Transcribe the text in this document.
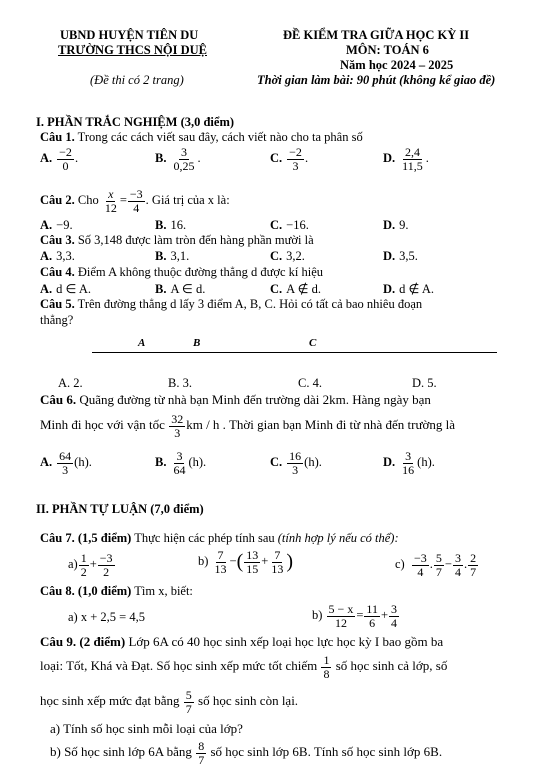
UBND HUYỆN TIÊN DU
TRƯỜNG THCS NỘI DUỆ
(Đề thi có 2 trang)
ĐỀ KIỂM TRA GIỮA HỌC KỲ II
MÔN: TOÁN 6
Năm học 2024 – 2025
Thời gian làm bài: 90 phút (không kể giao đề)
I. PHẦN TRẮC NGHIỆM (3,0 điểm)
Câu 1. Trong các cách viết sau đây, cách viết nào cho ta phân số
A. $\frac{-2}{0}$ .	B. $\frac{3}{0,25}$ .	C. $\frac{-2}{3}$ .	D. $\frac{2,4}{11,5}$ .
Câu 2. Cho $\frac{x}{12} = \frac{-3}{4}$ . Giá trị của x là:
A. −9.	B. 16.	C. −16.	D. 9.
Câu 3. Số 3,148 được làm tròn đến hàng phần mười là
A. 3,3.	B. 3,1.	C. 3,2.	D. 3,5.
Câu 4. Điểm A không thuộc đường thẳng d được kí hiệu
A. d ∈ A.	B. A ∈ d.	C. A ∉ d.	D. d ∉ A.
Câu 5. Trên đường thẳng d lấy 3 điểm A, B, C. Hỏi có tất cả bao nhiêu đoạn
thẳng?
A	B	C
A. 2.	B. 3.	C. 4.	D. 5.
Câu 6. Quãng đường từ nhà bạn Minh đến trường dài 2km. Hàng ngày bạn
Minh đi học với vận tốc $\frac{32}{3}$ km / h . Thời gian bạn Minh đi từ nhà đến trường là
A. $\frac{64}{3} (h)$.	B. $\frac{3}{64} (h)$.	C. $\frac{16}{3} (h)$.	D. $\frac{3}{16} (h)$.
II. PHẦN TỰ LUẬN (7,0 điểm)
Câu 7. (1,5 điểm) Thực hiện các phép tính sau (tính hợp lý nếu có thể):
$a) \frac{1}{2} + \frac{-3}{2}$	$b) \frac{7}{13}$ −( $\frac{13}{15} + \frac{7}{13}$ )	$c) \frac{-3}{4}$ . $\frac{5}{7} - \frac{3}{4}$ . $\frac{2}{7}$
Câu 8. (1,0 điểm) Tìm x, biết:
a) x + 2,5 = 4,5	$b) \frac{5 - x}{12} = \frac{11}{6} + \frac{3}{4}$
Câu 9. (2 điểm) Lớp 6A có 40 học sinh xếp loại học lực học kỳ I bao gồm ba
loại: Tốt, Khá và Đạt. Số học sinh xếp mức tốt chiếm $\frac{1}{8}$ số học sinh cả lớp, số
học sinh xếp mức đạt bằng $\frac{5}{7}$ số học sinh còn lại.
a) Tính số học sinh mỗi loại của lớp?
b) Số học sinh lớp 6A bằng $\frac{8}{7}$ số học sinh lớp 6B. Tính số học sinh lớp 6B.
